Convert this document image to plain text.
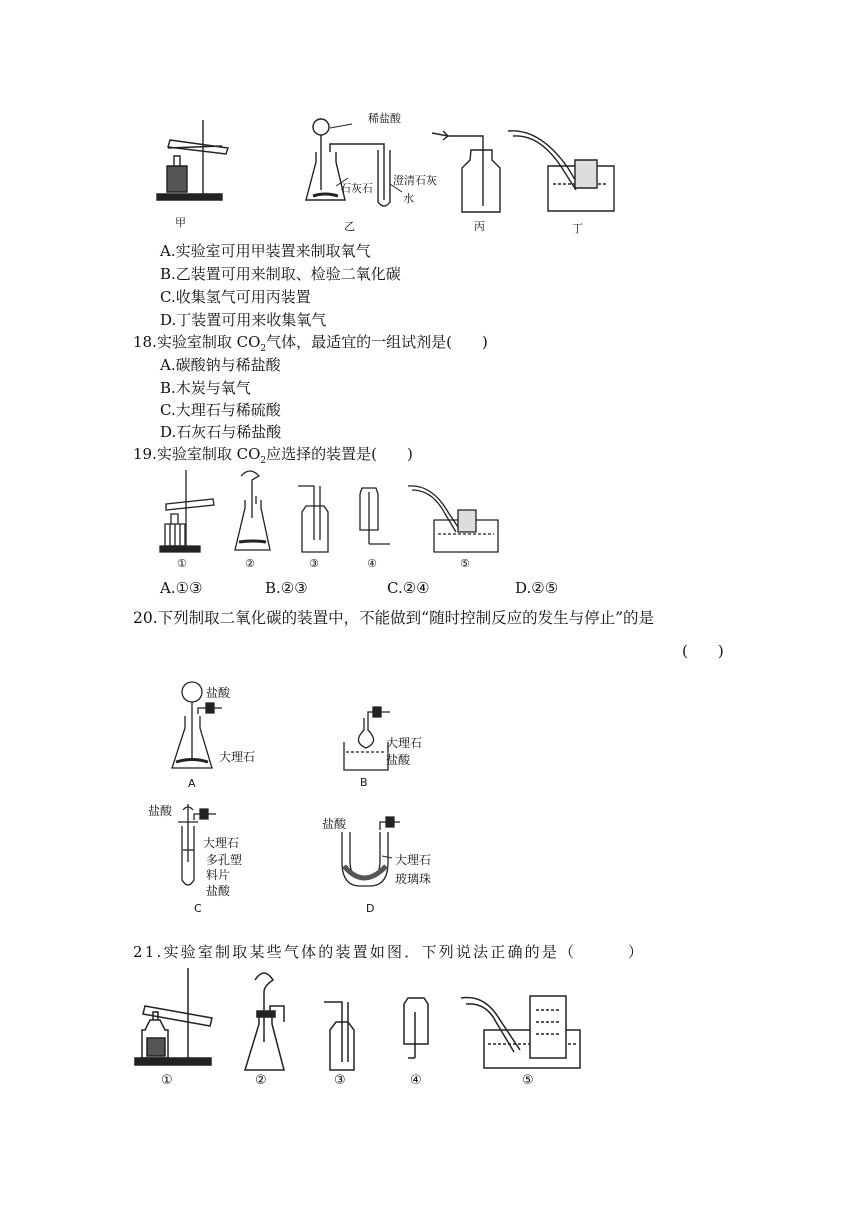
稀盐酸
石灰石
澄清石灰
水
甲	乙	丙	丁
A.实验室可用甲装置来制取氧气
B.乙装置可用来制取、检验二氧化碳
C.收集氢气可用丙装置
D.丁装置可用来收集氧气
18.实验室制取 $CO_2$气体，最适宜的一组试剂是(　　)
A.碳酸钠与稀盐酸
B.木炭与氧气
C.大理石与稀硫酸
D.石灰石与稀盐酸
19.实验室制取 $CO_2$应选择的装置是(　　)
①	②	③	④	⑤
A.①③	B.②③	C.②④	D.②⑤
20.下列制取二氧化碳的装置中，不能做到“随时控制反应的发生与停止”的是
(　　)
盐酸
大理石
A
大理石
盐酸
B
盐酸
大理石
多孔塑
料片
盐酸
C
盐酸
大理石
玻璃珠
D
21.实验室制取某些气体的装置如图．下列说法正确的是（　　　）
①	②	③	④	⑤
